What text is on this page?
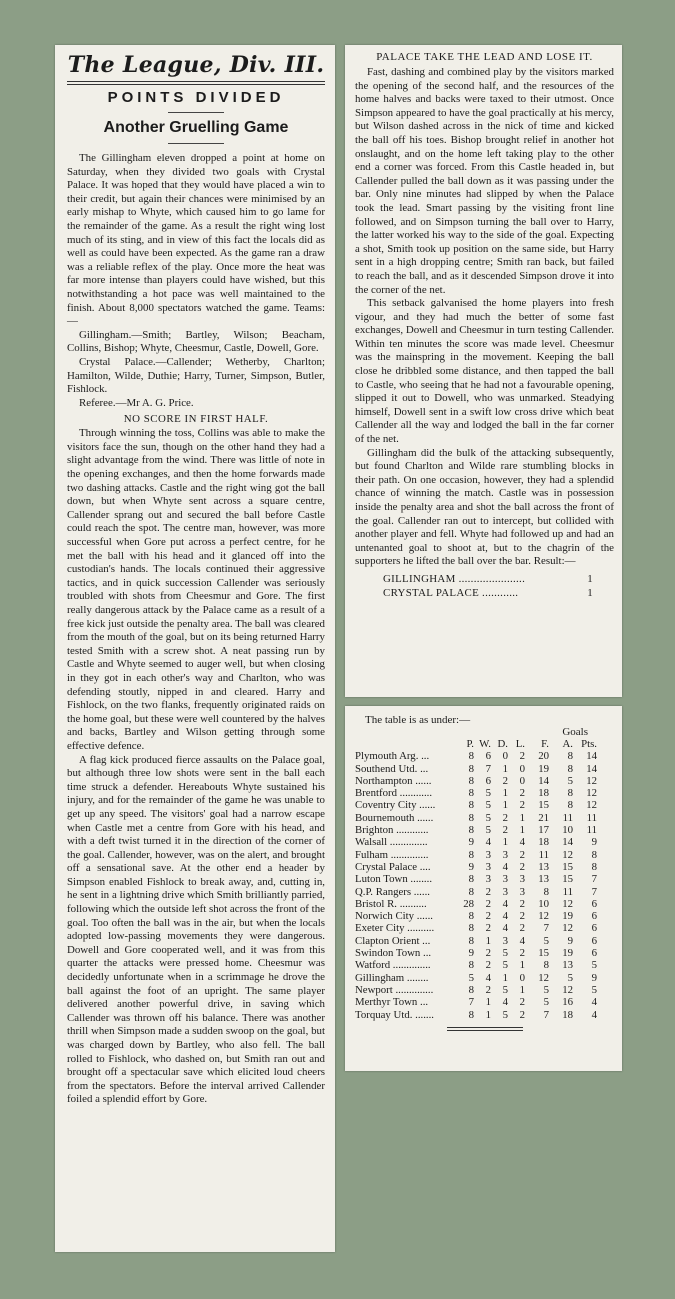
The League, Div. III.
POINTS DIVIDED
Another Gruelling Game

The Gillingham eleven dropped a point at home on Saturday, when they divided two goals with Crystal Palace. It was hoped that they would have placed a win to their credit, but again their chances were minimised by an early mishap to Whyte, which caused him to go lame for the remainder of the game. As a result the right wing lost much of its sting, and in view of this fact the locals did as well as could have been expected. As the game ran a draw was a reliable reflex of the play. Once more the heat was far more intense than players could have wished, but this notwithstanding a hot pace was well maintained to the finish. About 8,000 spectators watched the game. Teams:—

Gillingham.—Smith; Bartley, Wilson; Beacham, Collins, Bishop; Whyte, Cheesmur, Castle, Dowell, Gore.

Crystal Palace.—Callender; Wetherby, Charlton; Hamilton, Wilde, Duthie; Harry, Turner, Simpson, Butler, Fishlock.

Referee.—Mr A. G. Price.

NO SCORE IN FIRST HALF.

Through winning the toss, Collins was able to make the visitors face the sun, though on the other hand they had a slight advantage from the wind. There was little of note in the opening exchanges, and then the home forwards made two dashing attacks. Castle and the right wing got the ball down, but when Whyte sent across a square centre, Callender sprang out and secured the ball before Castle could reach the spot. The centre man, however, was more successful when Gore put across a perfect centre, for he met the ball with his head and it glanced off into the custodian's hands. The locals continued their aggressive tactics, and in quick succession Callender was seriously troubled with shots from Cheesmur and Gore. The first really dangerous attack by the Palace came as a result of a free kick just outside the penalty area. The ball was cleared from the mouth of the goal, but on its being returned Harry tested Smith with a screw shot. A neat passing run by Castle and Whyte seemed to auger well, but when closing in they got in each other's way and Charlton, who was defending stoutly, nipped in and cleared. Harry and Fishlock, on the two flanks, frequently originated raids on the home goal, but these were well countered by the halves and backs, Bartley and Wilson getting through some effective defence.

A flag kick produced fierce assaults on the Palace goal, but although three low shots were sent in the ball each time struck a defender. Hereabouts Whyte sustained his injury, and for the remainder of the game he was unable to get up any speed. The visitors' goal had a narrow escape when Castle met a centre from Gore with his head, and with a deft twist turned it in the direction of the corner of the goal. Callender, however, was on the alert, and brought off a sensational save. At the other end a header by Simpson enabled Fishlock to break away, and, cutting in, he sent in a lightning drive which Smith brilliantly parried, following which the outside left shot across the front of the goal. Too often the ball was in the air, but when the locals adopted low-passing movements they were dangerous. Dowell and Gore cooperated well, and it was from this quarter the attacks were pressed home. Cheesmur was decidedly unfortunate when in a scrimmage he drove the ball against the foot of an upright. The same player delivered another powerful drive, in saving which Callender was thrown off his balance. There was another thrill when Simpson made a sudden swoop on the goal, but was charged down by Bartley, who also fell. The ball rolled to Fishlock, who dashed on, but Smith ran out and brought off a spectacular save which elicited loud cheers from the spectators. Before the interval arrived Callender foiled a splendid effort by Gore.

PALACE TAKE THE LEAD AND LOSE IT.

Fast, dashing and combined play by the visitors marked the opening of the second half, and the resources of the home halves and backs were taxed to their utmost. Once Simpson appeared to have the goal practically at his mercy, but Wilson dashed across in the nick of time and kicked the ball off his toes. Bishop brought relief in another hot onslaught, and on the home left taking play to the other end a corner was forced. From this Castle headed in, but Callender pulled the ball down as it was passing under the bar. Only nine minutes had slipped by when the Palace took the lead. Smart passing by the visiting front line followed, and on Simpson turning the ball over to Harry, the latter worked his way to the side of the goal. Expecting a shot, Smith took up position on the same side, but Harry sent in a high dropping centre; Smith ran back, but failed to reach the ball, and as it descended Simpson drove it into the corner of the net.

This setback galvanised the home players into fresh vigour, and they had much the better of some fast exchanges, Dowell and Cheesmur in turn testing Callender. Within ten minutes the score was made level. Cheesmur was the mainspring in the movement. Keeping the ball close he dribbled some distance, and then tapped the ball to Castle, who seeing that he had not a favourable opening, slipped it out to Dowell, who was unmarked. Steadying himself, Dowell sent in a swift low cross drive which beat Callender all the way and lodged the ball in the far corner of the net.

Gillingham did the bulk of the attacking subsequently, but found Charlton and Wilde rare stumbling blocks in their path. On one occasion, however, they had a splendid chance of winning the match. Castle was in possession inside the penalty area and shot the ball across the front of the goal. Callender ran out to intercept, but collided with another player and fell. Whyte had followed up and had an untenanted goal to shoot at, but to the chagrin of the supporters he lifted the ball over the bar. Result:—

GILLINGHAM ......................	1
CRYSTAL PALACE ............	1
The table is as under:—
Goals
	P.	W.	D.	L.	F.	A.	Pts.
Plymouth Arg. ...	8	6	0	2	20	8	14
Southend Utd. ...	8	7	1	0	19	8	14
Northampton ......	8	6	2	0	14	5	12
Brentford ............	8	5	1	2	18	8	12
Coventry City ......	8	5	1	2	15	8	12
Bournemouth ......	8	5	2	1	21	11	11
Brighton ............	8	5	2	1	17	10	11
Walsall ..............	9	4	1	4	18	14	9
Fulham ..............	8	3	3	2	11	12	8
Crystal Palace ....	9	3	4	2	13	15	8
Luton Town ........	8	3	3	3	13	15	7
Q.P. Rangers ......	8	2	3	3	8	11	7
Bristol R. ..........	28	2	4	2	10	12	6
Norwich City ......	8	2	4	2	12	19	6
Exeter City ..........	8	2	4	2	7	12	6
Clapton Orient ...	8	1	3	4	5	9	6
Swindon Town ...	9	2	5	2	15	19	6
Watford ..............	8	2	5	1	8	13	5
Gillingham ........	5	4	1	0	12	5	9
Newport ..............	8	2	5	1	5	12	5
Merthyr Town ...	7	1	4	2	5	16	4
Torquay Utd. .......	8	1	5	2	7	18	4
